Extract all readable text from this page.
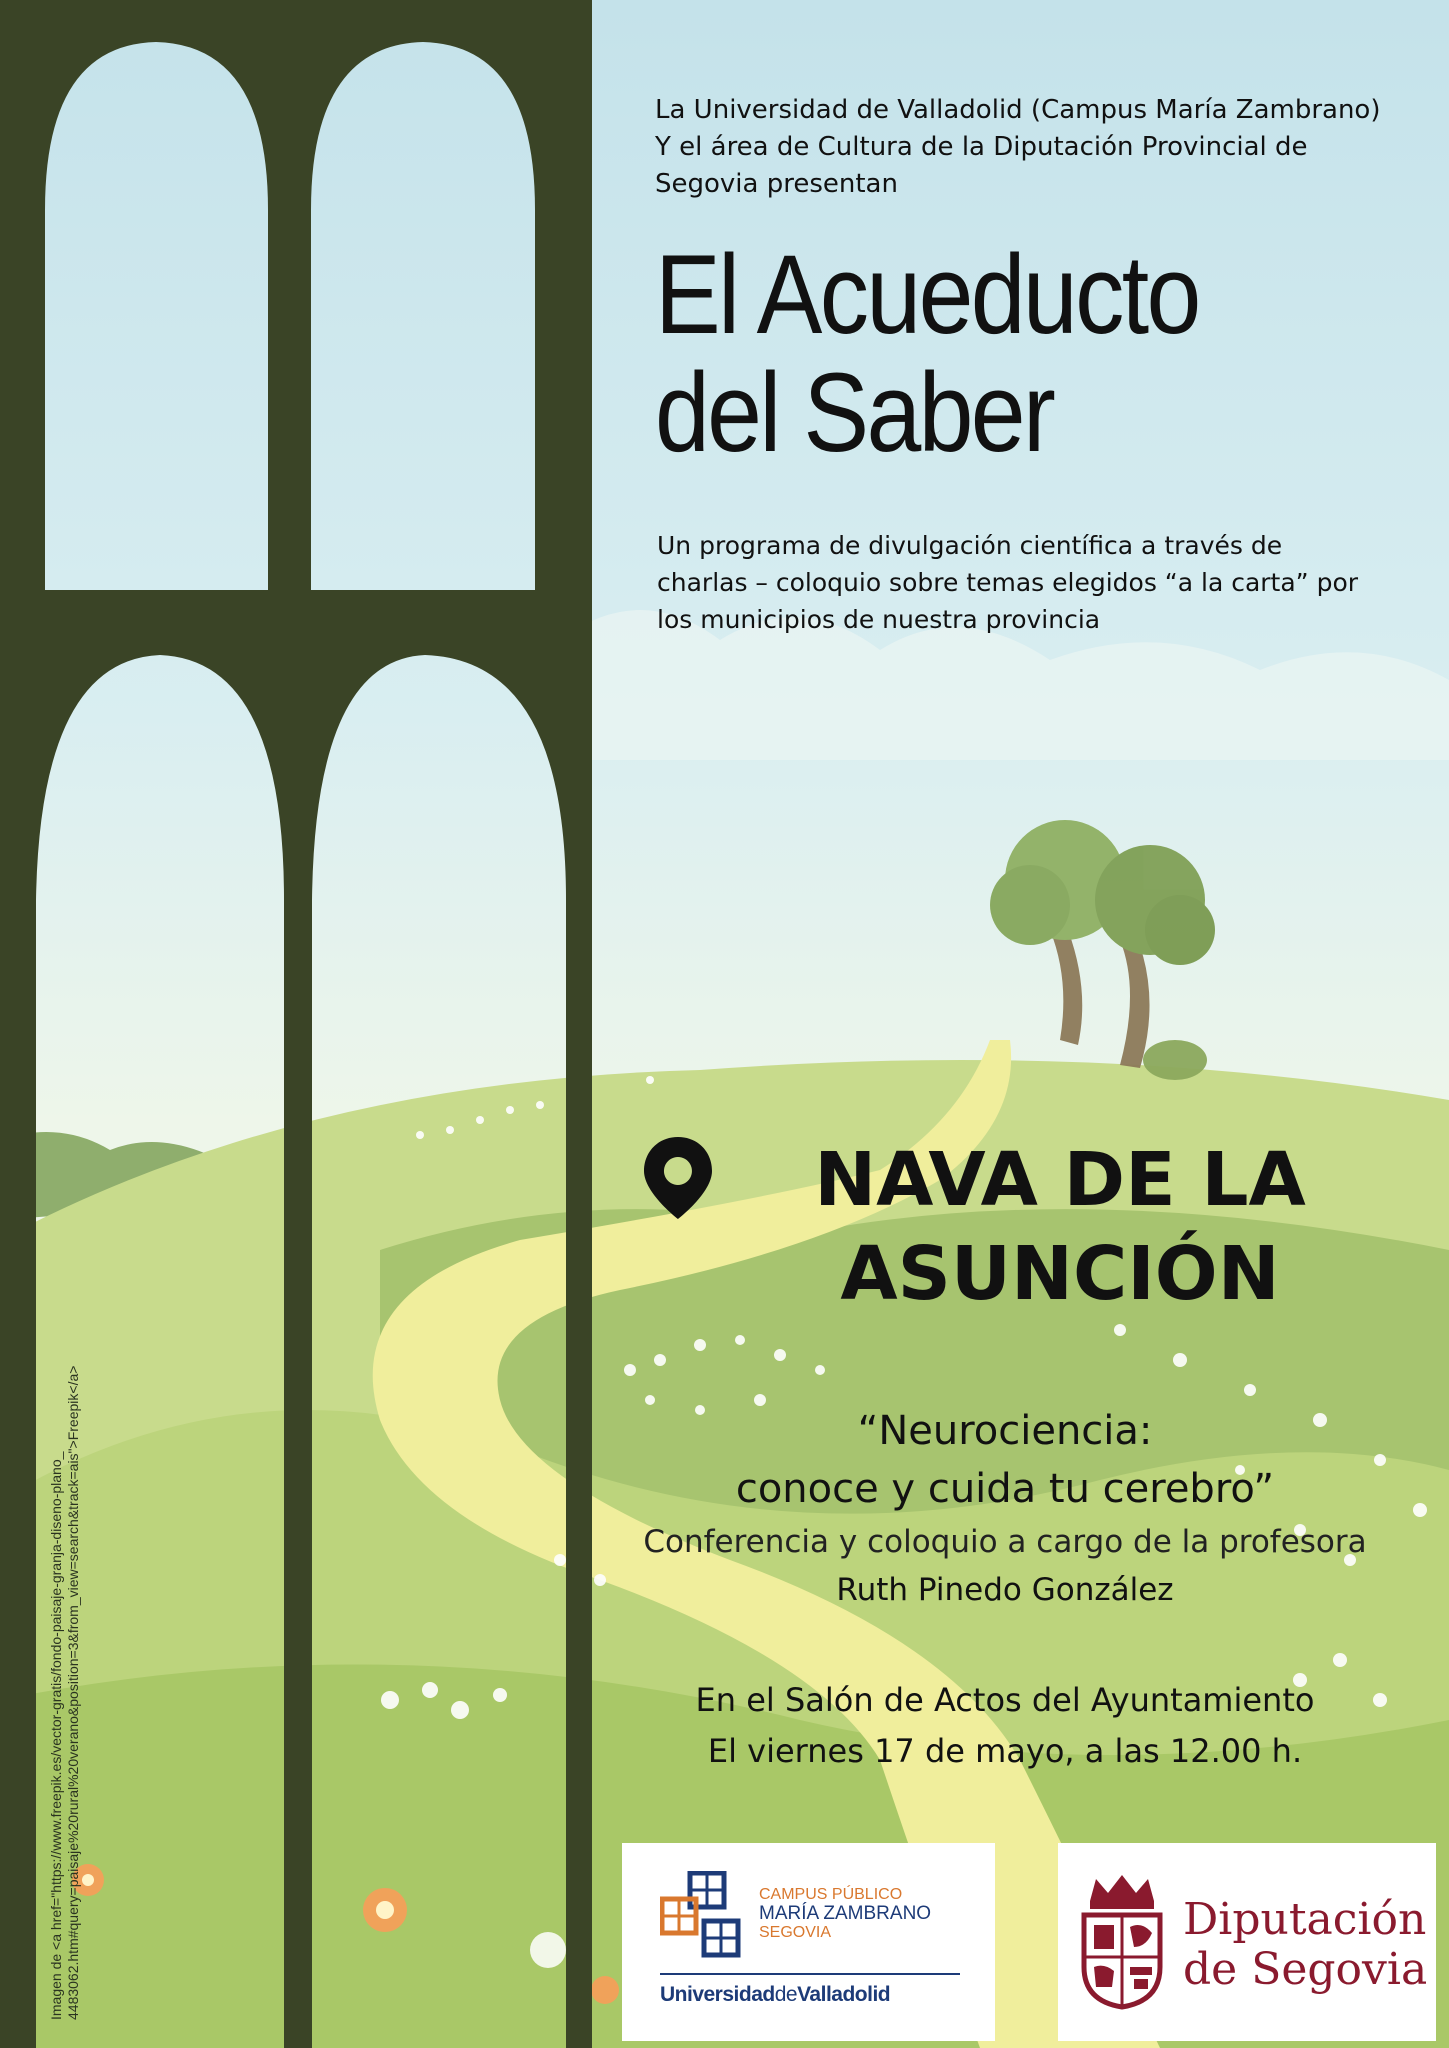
Imagen de <a href="https://www.freepik.es/vector-gratis/fondo-paisaje-granja-diseno-plano_ 4483062.htm#query=paisaje%20rural%20verano&position=3&from_view=search&track=ais">Freepik</a>
La Universidad de Valladolid (Campus María Zambrano)
Y el área de Cultura de la Diputación Provincial de
Segovia presentan
El Acueducto
del Saber
Un programa de divulgación científica a través de
charlas – coloquio sobre temas elegidos “a la carta” por
los municipios de nuestra provincia
NAVA DE LA
ASUNCIÓN
“Neurociencia:
conoce y cuida tu cerebro”
Conferencia y coloquio a cargo de la profesora
Ruth Pinedo González
En el Salón de Actos del Ayuntamiento
El viernes 17 de mayo, a las 12.00 h.
CAMPUS PÚBLICO
MARÍA ZAMBRANO
SEGOVIA
UniversidaddeValladolid
Diputación
de Segovia
